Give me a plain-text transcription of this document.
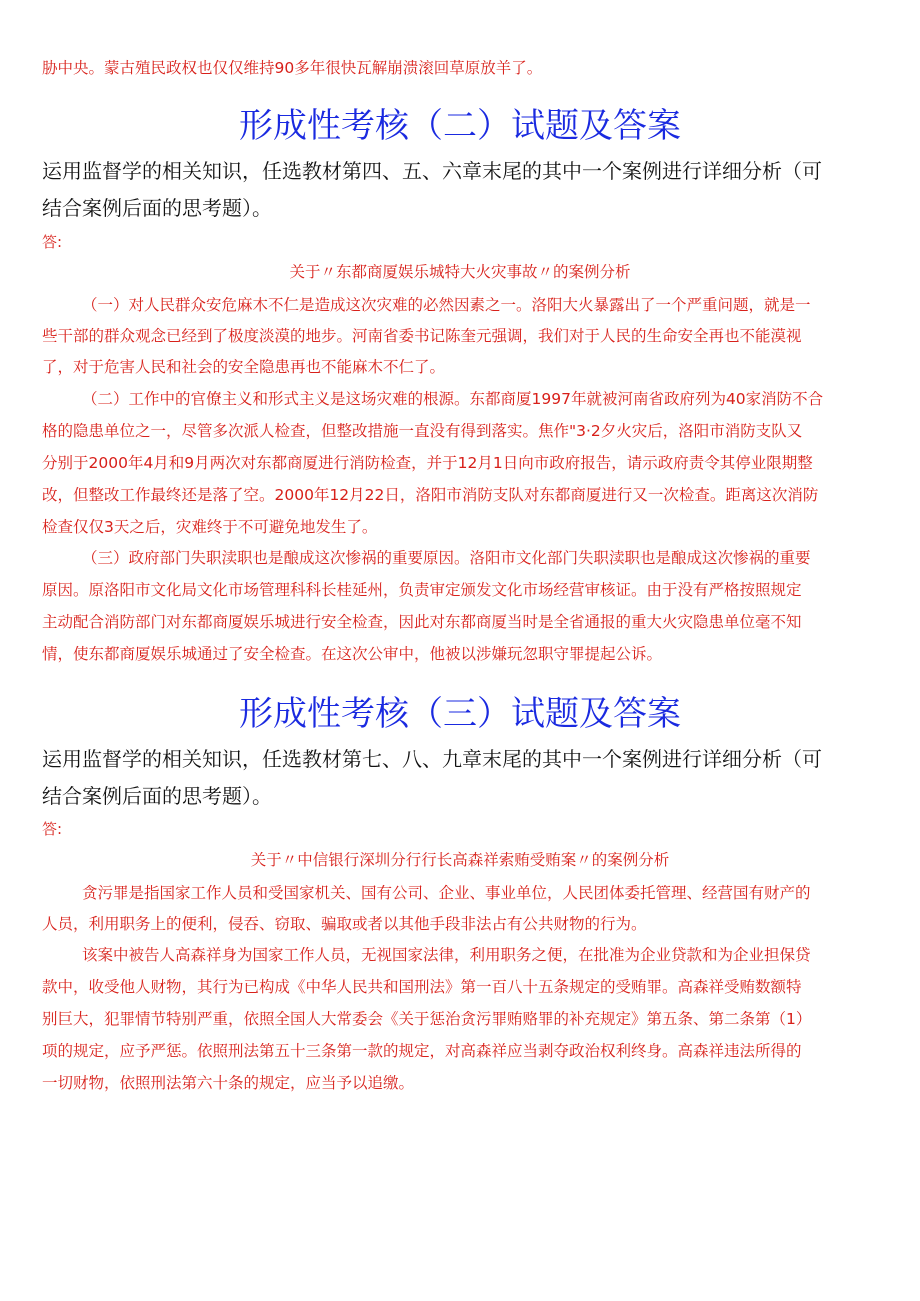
胁中央。蒙古殖民政权也仅仅维持90多年很快瓦解崩溃滚回草原放羊了。
形成性考核（二）试题及答案
运用监督学的相关知识，任选教材第四、五、六章末尾的其中一个案例进行详细分析（可
结合案例后面的思考题）。
答:
关于〃东都商厦娱乐城特大火灾事故〃的案例分析
（一）对人民群众安危麻木不仁是造成这次灾难的必然因素之一。洛阳大火暴露出了一个严重问题，就是一
些干部的群众观念已经到了极度淡漠的地步。河南省委书记陈奎元强调，我们对于人民的生命安全再也不能漠视
了，对于危害人民和社会的安全隐患再也不能麻木不仁了。
（二）工作中的官僚主义和形式主义是这场灾难的根源。东都商厦1997年就被河南省政府列为40家消防不合
格的隐患单位之一，尽管多次派人检查，但整改措施一直没有得到落实。焦作"3·2夕火灾后，洛阳市消防支队又
分别于2000年4月和9月两次对东都商厦进行消防检查，并于12月1日向市政府报告，请示政府责令其停业限期整
改，但整改工作最终还是落了空。2000年12月22日，洛阳市消防支队对东都商厦进行又一次检查。距离这次消防
检查仅仅3天之后，灾难终于不可避免地发生了。
（三）政府部门失职渎职也是酿成这次惨祸的重要原因。洛阳市文化部门失职渎职也是酿成这次惨祸的重要
原因。原洛阳市文化局文化市场管理科科长桂延州，负责审定颁发文化市场经营审核证。由于没有严格按照规定
主动配合消防部门对东都商厦娱乐城进行安全检查，因此对东都商厦当时是全省通报的重大火灾隐患单位毫不知
情，使东都商厦娱乐城通过了安全检查。在这次公审中，他被以涉嫌玩忽职守罪提起公诉。
形成性考核（三）试题及答案
运用监督学的相关知识，任选教材第七、八、九章末尾的其中一个案例进行详细分析（可
结合案例后面的思考题）。
答:
关于〃中信银行深圳分行行长高森祥索贿受贿案〃的案例分析
贪污罪是指国家工作人员和受国家机关、国有公司、企业、事业单位，人民团体委托管理、经营国有财产的
人员，利用职务上的便利，侵吞、窃取、骗取或者以其他手段非法占有公共财物的行为。
该案中被告人高森祥身为国家工作人员，无视国家法律，利用职务之便，在批准为企业贷款和为企业担保贷
款中，收受他人财物，其行为已构成《中华人民共和国刑法》第一百八十五条规定的受贿罪。高森祥受贿数额特
别巨大，犯罪情节特别严重，依照全国人大常委会《关于惩治贪污罪贿赂罪的补充规定》第五条、第二条第（1）
项的规定，应予严惩。依照刑法第五十三条第一款的规定，对高森祥应当剥夺政治权利终身。高森祥违法所得的
一切财物，依照刑法第六十条的规定，应当予以追缴。
